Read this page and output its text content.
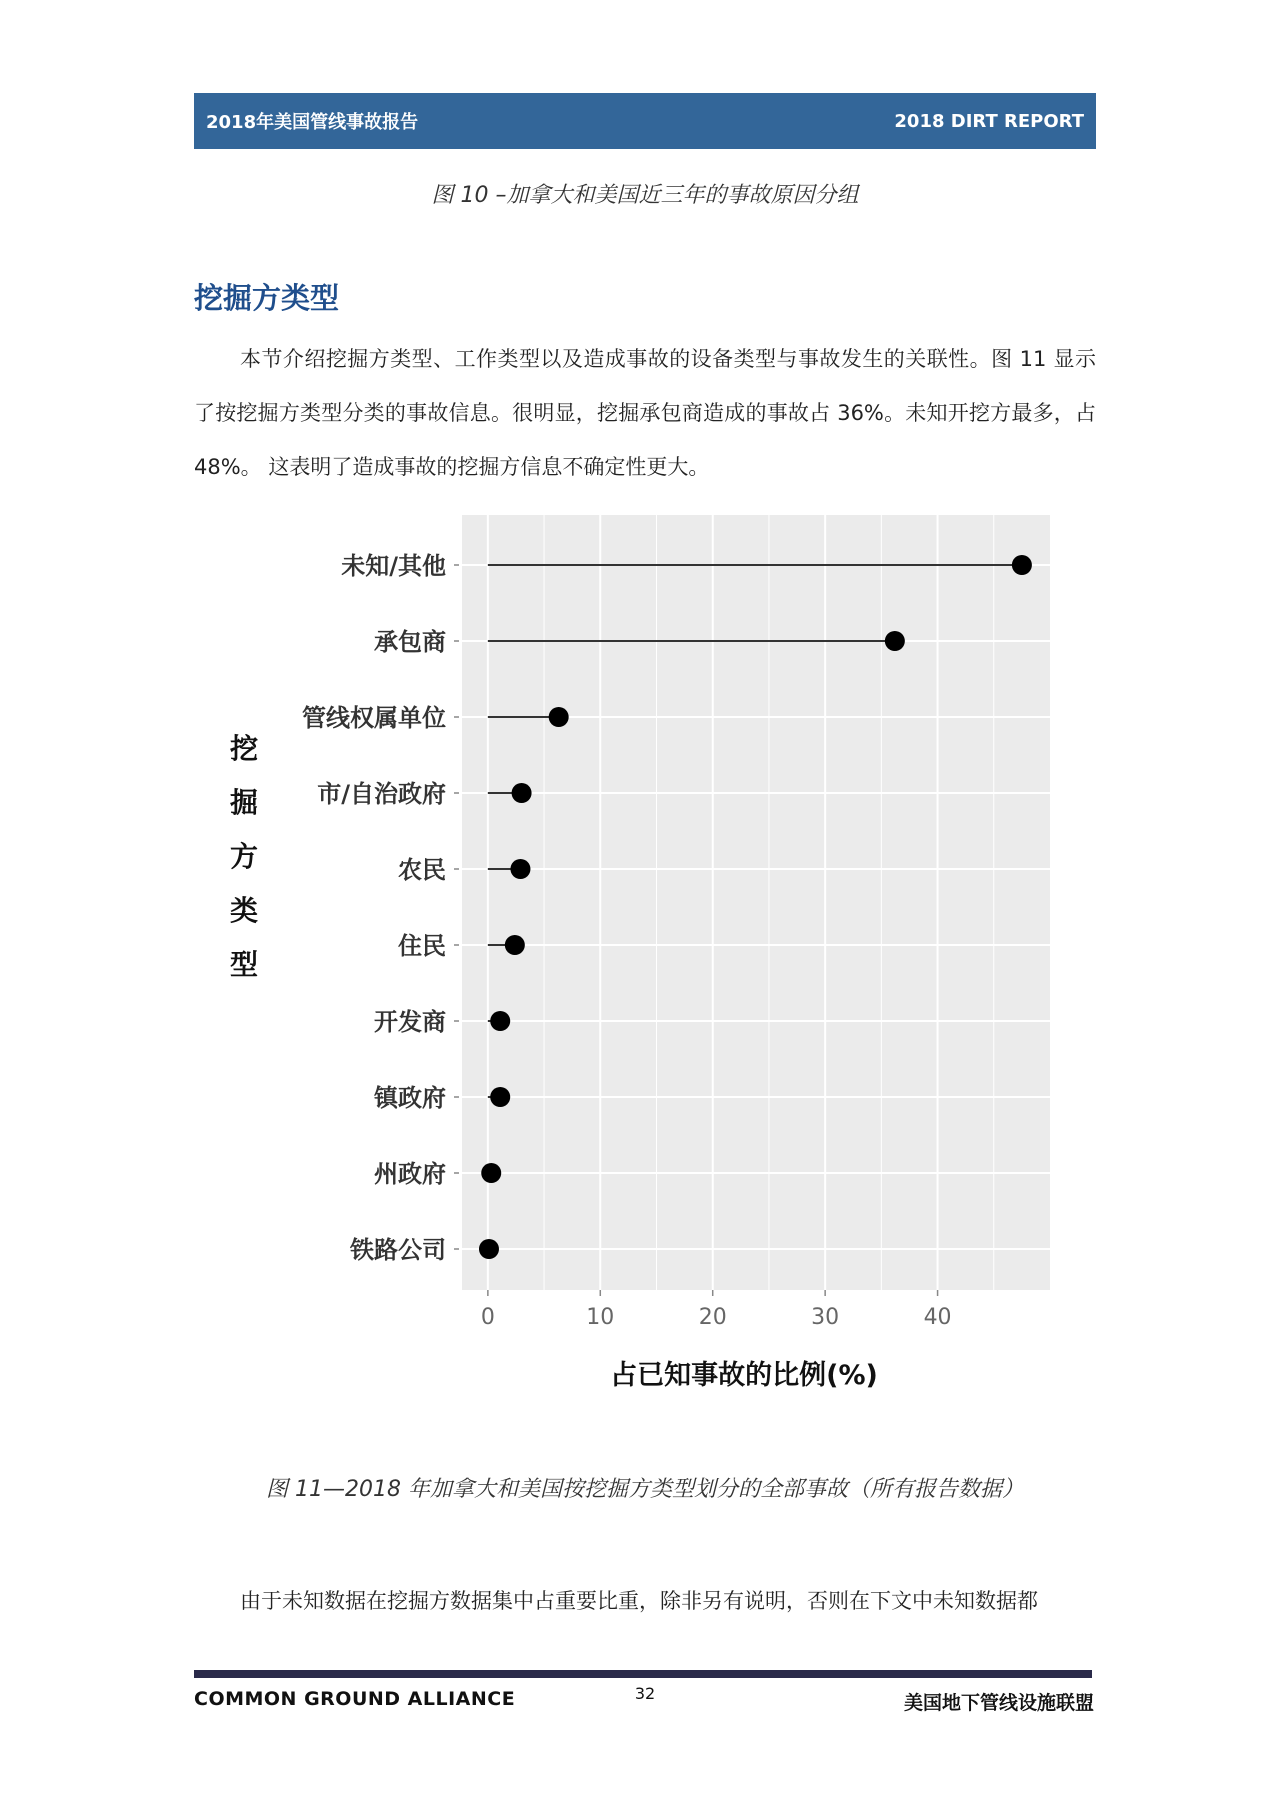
2018年美国管线事故报告	2018 DIRT REPORT
图 10 –加拿大和美国近三年的事故原因分组
挖掘方类型

本节介绍挖掘方类型、工作类型以及造成事故的设备类型与事故发生的关联性。图 11 显示了按挖掘方类型分类的事故信息。很明显，挖掘承包商造成的事故占 36%。未知开挖方最多，占 48%。 这表明了造成事故的挖掘方信息不确定性更大。

未知/其他
承包商
管线权属单位
市/自治政府
农民
住民
开发商
镇政府
州政府
铁路公司
0	10	20	30	40
占已知事故的比例(%)
挖
掘
方
类
型
图 11—2018 年加拿大和美国按挖掘方类型划分的全部事故（所有报告数据）

由于未知数据在挖掘方数据集中占重要比重，除非另有说明，否则在下文中未知数据都

COMMON GROUND ALLIANCE	32	美国地下管线设施联盟
